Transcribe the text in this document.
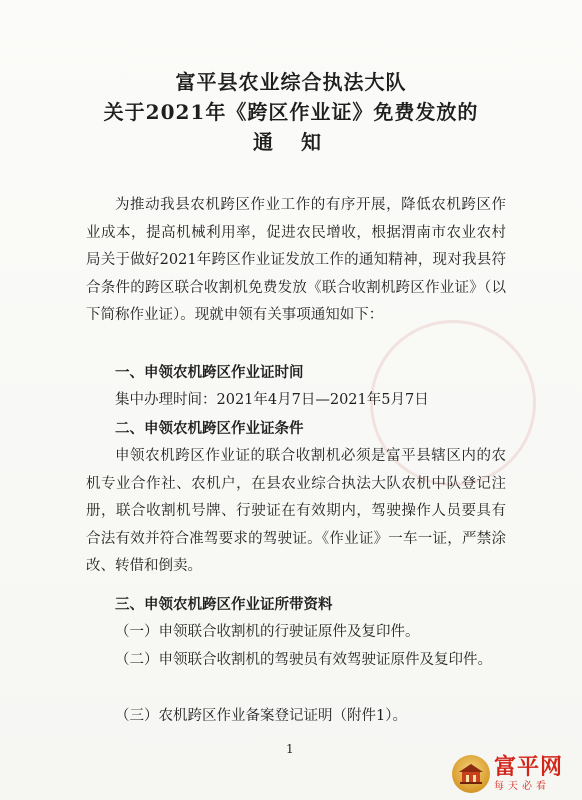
富平县农业综合执法大队
关于2021年《跨区作业证》免费发放的
通知

为推动我县农机跨区作业工作的有序开展，降低农机跨区作业成本，提高机械利用率，促进农民增收，根据渭南市农业农村局关于做好2021年跨区作业证发放工作的通知精神，现对我县符合条件的跨区联合收割机免费发放《联合收割机跨区作业证》（以下简称作业证）。现就申领有关事项通知如下：

一、申领农机跨区作业证时间
集中办理时间：2021年4月7日—2021年5月7日
二、申领农机跨区作业证条件

申领农机跨区作业证的联合收割机必须是富平县辖区内的农机专业合作社、农机户，在县农业综合执法大队农机中队登记注册，联合收割机号牌、行驶证在有效期内，驾驶操作人员要具有合法有效并符合准驾要求的驾驶证。《作业证》一车一证，严禁涂改、转借和倒卖。

三、申领农机跨区作业证所带资料
（一）申领联合收割机的行驶证原件及复印件。

（二）申领联合收割机的驾驶员有效驾驶证原件及复印件。

（三）农机跨区作业备案登记证明（附件1）。
1
富平网
每天必看
